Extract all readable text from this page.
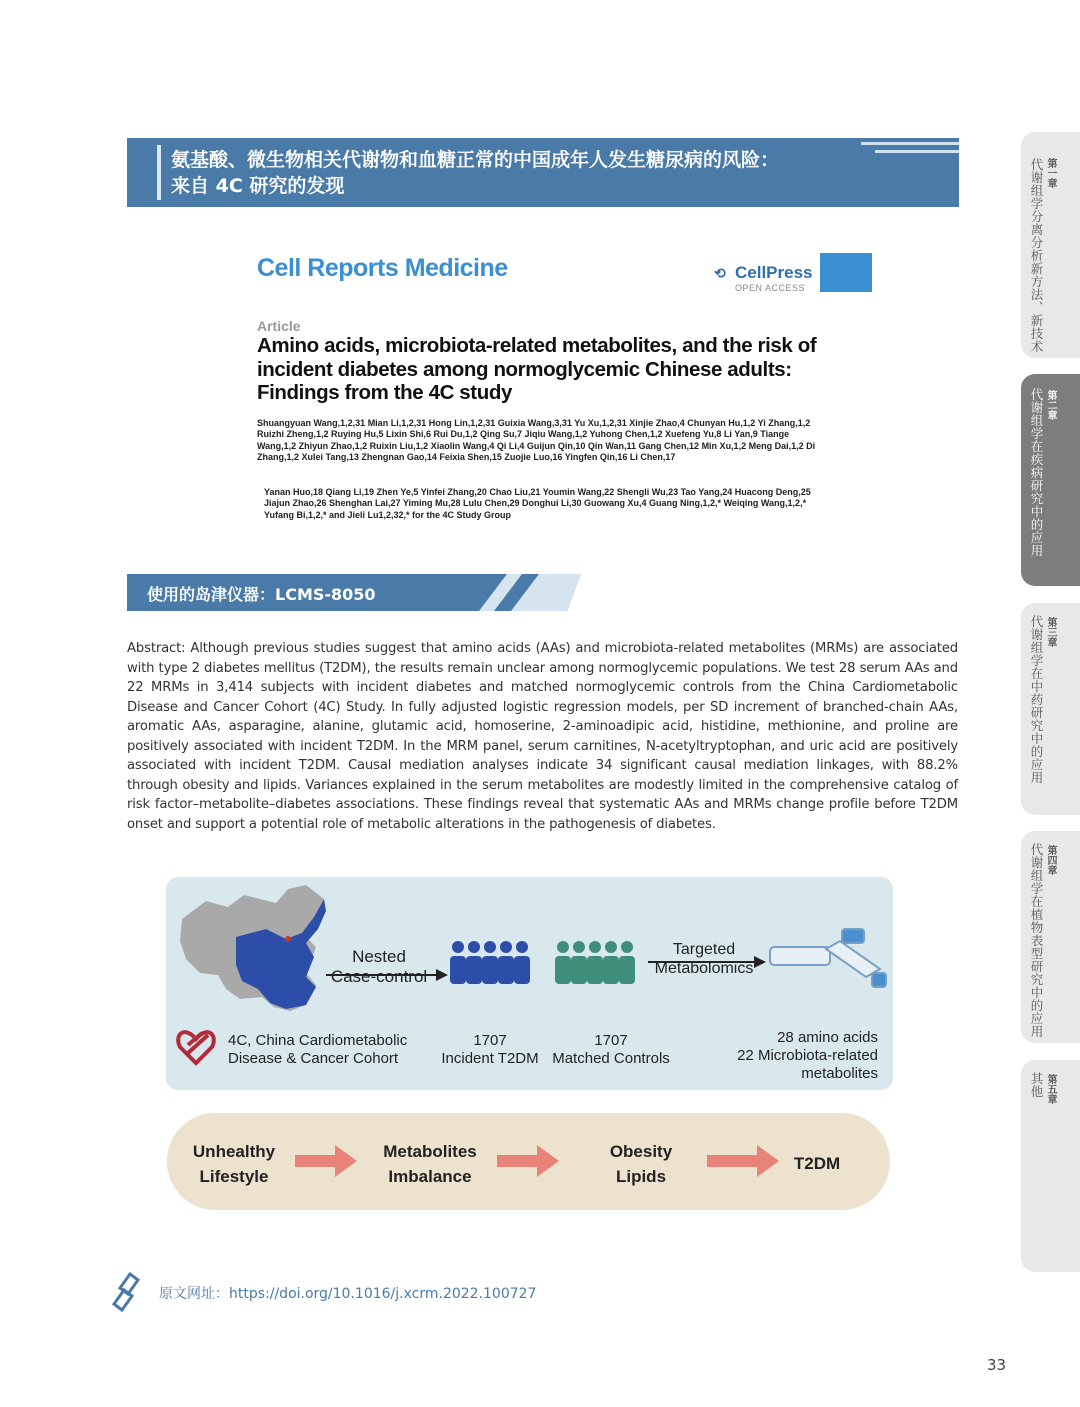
氨基酸、微生物相关代谢物和血糖正常的中国成年人发生糖尿病的风险：
来自 4C 研究的发现
Cell Reports Medicine	⟲ CellPress
OPEN ACCESS
Article
Amino acids, microbiota-related metabolites, and the risk of incident diabetes among normoglycemic Chinese adults: Findings from the 4C study
Shuangyuan Wang,1,2,31 Mian Li,1,2,31 Hong Lin,1,2,31 Guixia Wang,3,31 Yu Xu,1,2,31 Xinjie Zhao,4 Chunyan Hu,1,2 Yi Zhang,1,2 Ruizhi Zheng,1,2 Ruying Hu,5 Lixin Shi,6 Rui Du,1,2 Qing Su,7 Jiqiu Wang,1,2 Yuhong Chen,1,2 Xuefeng Yu,8 Li Yan,9 Tiange Wang,1,2 Zhiyun Zhao,1,2 Ruixin Liu,1,2 Xiaolin Wang,4 Qi Li,4 Guijun Qin,10 Qin Wan,11 Gang Chen,12 Min Xu,1,2 Meng Dai,1,2 Di Zhang,1,2 Xulei Tang,13 Zhengnan Gao,14 Feixia Shen,15 Zuojie Luo,16 Yingfen Qin,16 Li Chen,17
Yanan Huo,18 Qiang Li,19 Zhen Ye,5 Yinfei Zhang,20 Chao Liu,21 Youmin Wang,22 Shengli Wu,23 Tao Yang,24 Huacong Deng,25 Jiajun Zhao,26 Shenghan Lai,27 Yiming Mu,28 Lulu Chen,29 Donghui Li,30 Guowang Xu,4 Guang Ning,1,2,* Weiqing Wang,1,2,* Yufang Bi,1,2,* and Jieli Lu1,2,32,* for the 4C Study Group
使用的岛津仪器：LCMS-8050
Abstract: Although previous studies suggest that amino acids (AAs) and microbiota-related metabolites (MRMs) are associated with type 2 diabetes mellitus (T2DM), the results remain unclear among normoglycemic populations. We test 28 serum AAs and 22 MRMs in 3,414 subjects with incident diabetes and matched normoglycemic controls from the China Cardiometabolic Disease and Cancer Cohort (4C) Study. In fully adjusted logistic regression models, per SD increment of branched-chain AAs, aromatic AAs, asparagine, alanine, glutamic acid, homoserine, 2-aminoadipic acid, histidine, methionine, and proline are positively associated with incident T2DM. In the MRM panel, serum carnitines, N-acetyltryptophan, and uric acid are positively associated with incident T2DM. Causal mediation analyses indicate 34 significant causal mediation linkages, with 88.2% through obesity and lipids. Variances explained in the serum metabolites are modestly limited in the comprehensive catalog of risk factor–metabolite–diabetes associations. These findings reveal that systematic AAs and MRMs change profile before T2DM onset and support a potential role of metabolic alterations in the pathogenesis of diabetes.
Nested
Case-control
Targeted
Metabolomics
4C, China Cardiometabolic
Disease & Cancer Cohort
1707
Incident T2DM
1707
Matched Controls
28 amino acids
22 Microbiota-related
metabolites
Unhealthy
Lifestyle
Metabolites
Imbalance
Obesity
Lipids
T2DM
第一章
代谢组学分离分析新方法、新技术
第二章
代谢组学在疾病研究中的应用
第三章
代谢组学在中药研究中的应用
第四章
代谢组学在植物表型研究中的应用
第五章
其他
原文网址：https://doi.org/10.1016/j.xcrm.2022.100727
33
